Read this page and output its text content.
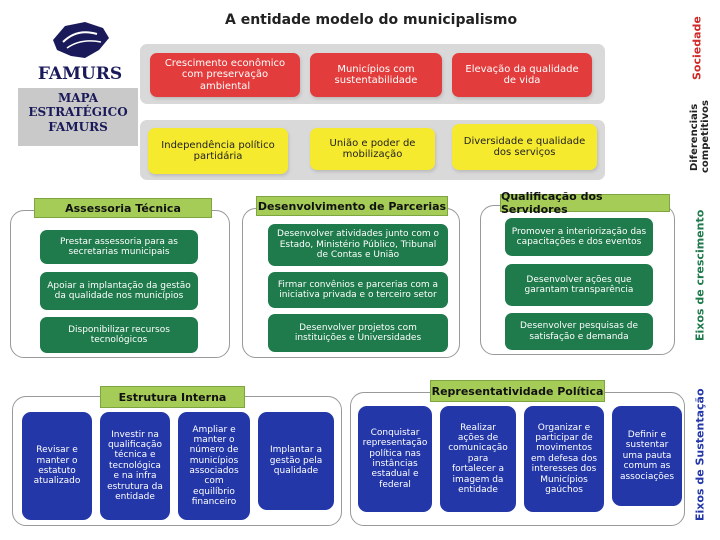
FAMURS
MAPA
ESTRATÉGICO
FAMURS
A entidade modelo do municipalismo
Crescimento econômico com preservação ambiental
Municípios com sustentabilidade
Elevação da qualidade de vida
Independência político partidária
União e poder de mobilização
Diversidade e qualidade dos serviços
Sociedade
Diferenciais competitivos
Eixos de crescimento
Eixos de Sustentação
Assessoria Técnica
Prestar assessoria para as secretarias municipais
Apoiar a implantação da gestão da qualidade nos municípios
Disponibilizar recursos tecnológicos
Desenvolvimento de Parcerias
Desenvolver atividades junto com o Estado, Ministério Público, Tribunal de Contas e União
Firmar convênios e parcerias com a iniciativa privada e o terceiro setor
Desenvolver projetos com instituições e Universidades
Qualificação dos Servidores
Promover a interiorização das capacitações e dos eventos
Desenvolver ações que garantam transparência
Desenvolver pesquisas de satisfação e demanda
Estrutura Interna
Revisar e manter o estatuto atualizado
Investir na qualificação técnica e tecnológica e na infra estrutura da entidade
Ampliar e manter o número de municípios associados com equilíbrio financeiro
Implantar a gestão pela qualidade
Representatividade Política
Conquistar representação política nas instâncias estadual e federal
Realizar ações de comunicação para fortalecer a imagem da entidade
Organizar e participar de movimentos em defesa dos interesses dos Municípios gaúchos
Definir e sustentar uma pauta comum as associações
